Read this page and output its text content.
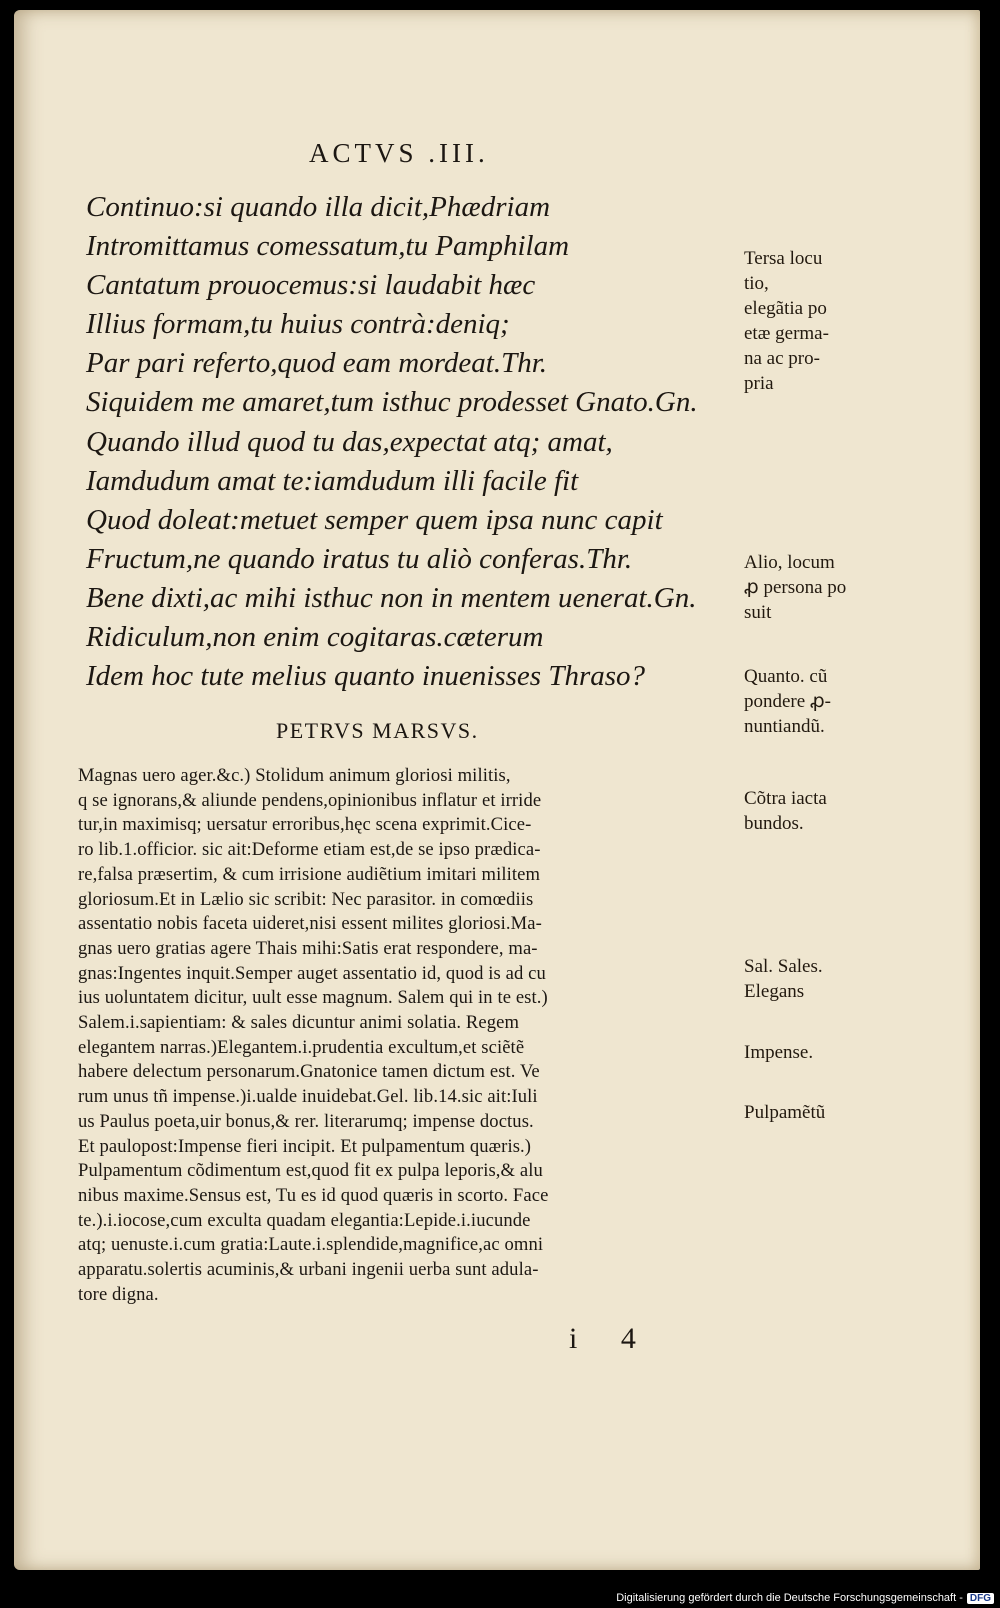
ACTVS .III.
Continuo:si quando illa dicit,Phædriam
Intromittamus comessatum,tu Pamphilam
Cantatum prouocemus:si laudabit hæc
Illius formam,tu huius contrà:deniq;
Par pari referto,quod eam mordeat.Thr.
Siquidem me amaret,tum isthuc prodesset Gnato.Gn.
Quando illud quod tu das,expectat atq; amat,
Iamdudum amat te:iamdudum illi facile fit
Quod doleat:metuet semper quem ipsa nunc capit
Fructum,ne quando iratus tu aliò conferas.Thr.
Bene dixti,ac mihi isthuc non in mentem uenerat.Gn.
Ridiculum,non enim cogitaras.cæterum
Idem hoc tute melius quanto inuenisses Thraso?
Tersa locu
tio,
elegãtia po
etæ germa-
na ac pro-
pria
Alio, locum
ꝓ persona po
suit
Quanto. cũ
pondere ꝓ-
nuntiandũ.
Cõtra iacta
bundos.
Sal. Sales.
Elegans
Impense.
Pulpamẽtũ
PETRVS MARSVS.
Magnas uero ager.&c.) Stolidum animum gloriosi militis,
q se ignorans,& aliunde pendens,opinionibus inflatur et irride
tur,in maximisq; uersatur erroribus,hęc scena exprimit.Cice-
ro lib.1.officior. sic ait:Deforme etiam est,de se ipso prædica-
re,falsa præsertim, & cum irrisione audiẽtium imitari militem
gloriosum.Et in Lælio sic scribit: Nec parasitor. in comœdiis
assentatio nobis faceta uideret,nisi essent milites gloriosi.Ma-
gnas uero gratias agere Thais mihi:Satis erat respondere, ma-
gnas:Ingentes inquit.Semper auget assentatio id, quod is ad cu
ius uoluntatem dicitur, uult esse magnum. Salem qui in te est.)
Salem.i.sapientiam: & sales dicuntur animi solatia. Regem
elegantem narras.)Elegantem.i.prudentia excultum,et sciẽtẽ
habere delectum personarum.Gnatonice tamen dictum est. Ve
rum unus tñ impense.)i.ualde inuidebat.Gel. lib.14.sic ait:Iuli
us Paulus poeta,uir bonus,& rer. literarumq; impense doctus.
Et paulopost:Impense fieri incipit. Et pulpamentum quæris.)
Pulpamentum cõdimentum est,quod fit ex pulpa leporis,& alu
nibus maxime.Sensus est, Tu es id quod quæris in scorto. Face
te.).i.iocose,cum exculta quadam elegantia:Lepide.i.iucunde
atq; uenuste.i.cum gratia:Laute.i.splendide,magnifice,ac omni
apparatu.solertis acuminis,& urbani ingenii uerba sunt adula-
tore digna.
i 4
Digitalisierung gefördert durch die Deutsche Forschungsgemeinschaft - DFG
